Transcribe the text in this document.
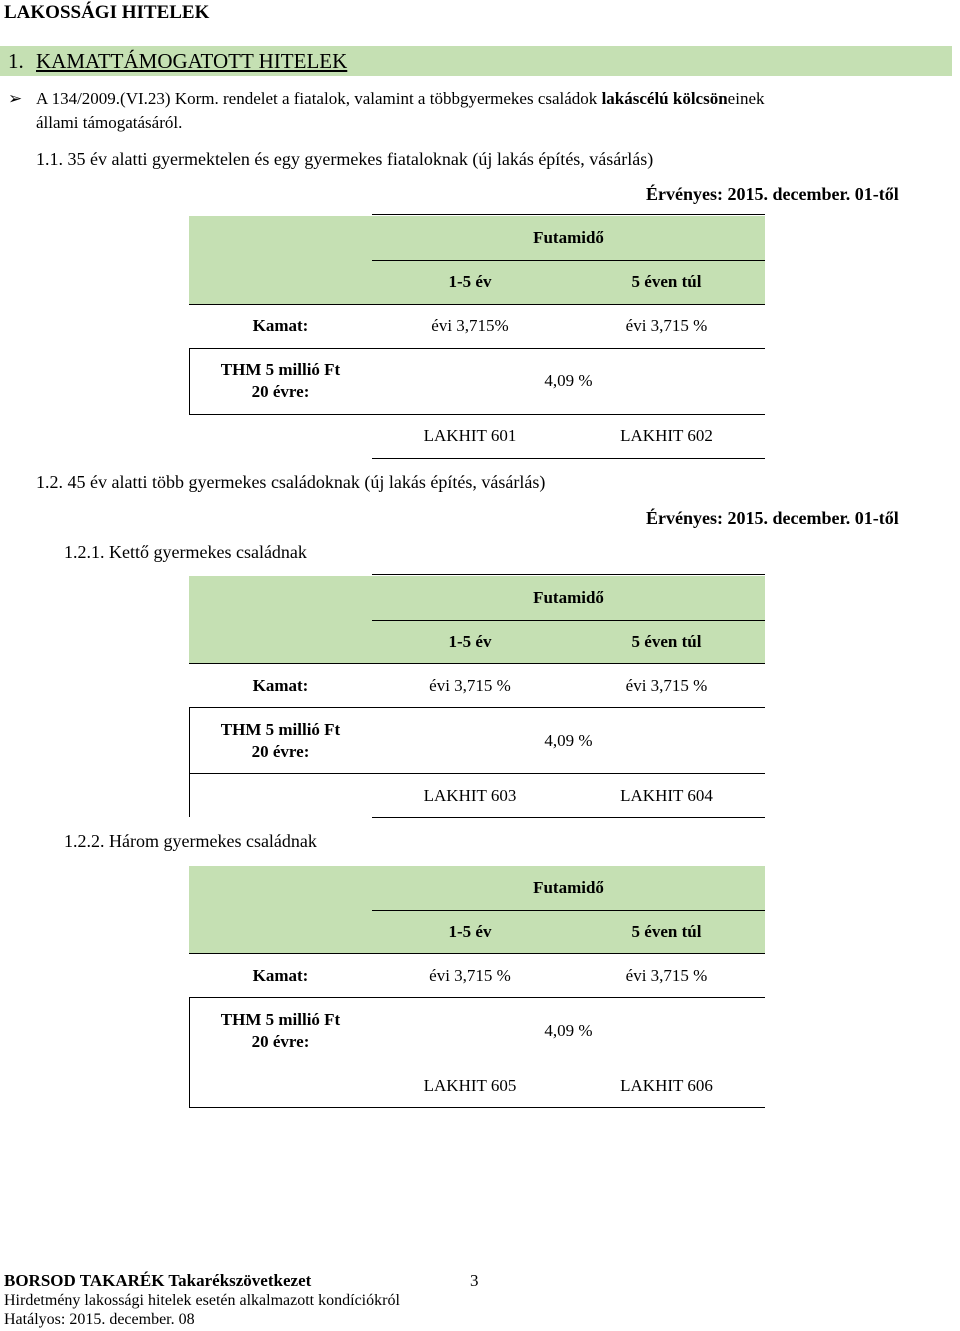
LAKOSSÁGI HITELEK
1. KAMATTÁMOGATOTT HITELEK
➢ A 134/2009.(VI.23) Korm. rendelet a fiatalok, valamint a többgyermekes családok lakáscélú kölcsöneinek
állami támogatásáról.
1.1. 35 év alatti gyermektelen és egy gyermekes fiataloknak (új lakás építés, vásárlás)
Érvényes: 2015. december. 01-től
Futamidő
1-5 év	5 éven túl
Kamat:	évi 3,715%	évi 3,715 %
THM 5 millió Ft
20 évre:
4,09 %
LAKHIT 601	LAKHIT 602
1.2. 45 év alatti több gyermekes családoknak (új lakás építés, vásárlás)
Érvényes: 2015. december. 01-től
1.2.1. Kettő gyermekes családnak
Futamidő
1-5 év	5 éven túl
Kamat:	évi 3,715 %	évi 3,715 %
THM 5 millió Ft
20 évre:
4,09 %
LAKHIT 603	LAKHIT 604
1.2.2. Három gyermekes családnak
Futamidő
1-5 év	5 éven túl
Kamat:	évi 3,715 %	évi 3,715 %
THM 5 millió Ft
20 évre:
4,09 %
LAKHIT 605	LAKHIT 606
BORSOD TAKARÉK Takarékszövetkezet	3
Hirdetmény lakossági hitelek esetén alkalmazott kondíciókról
Hatályos: 2015. december. 08
